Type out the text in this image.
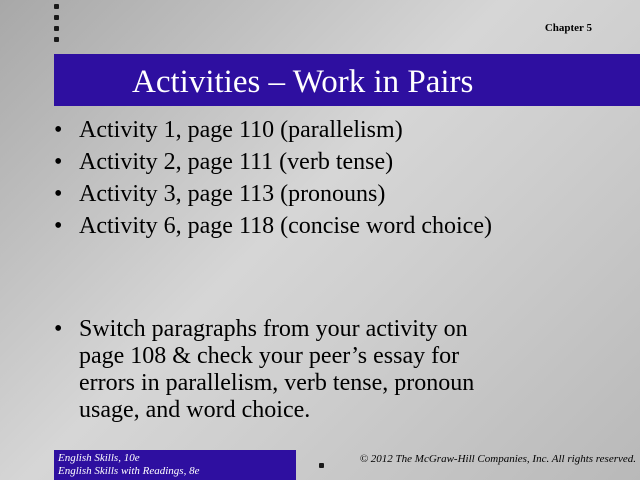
Chapter 5
Activities – Work in Pairs
• Activity 1, page 110 (parallelism)
• Activity 2, page 111 (verb tense)
• Activity 3, page 113 (pronouns)
• Activity 6, page 118 (concise word choice)
• Switch paragraphs from your activity on
page 108 & check your peer’s essay for
errors in parallelism, verb tense, pronoun
usage, and word choice.
English Skills, 10e
English Skills with Readings, 8e
© 2012 The McGraw-Hill Companies, Inc. All rights reserved.
